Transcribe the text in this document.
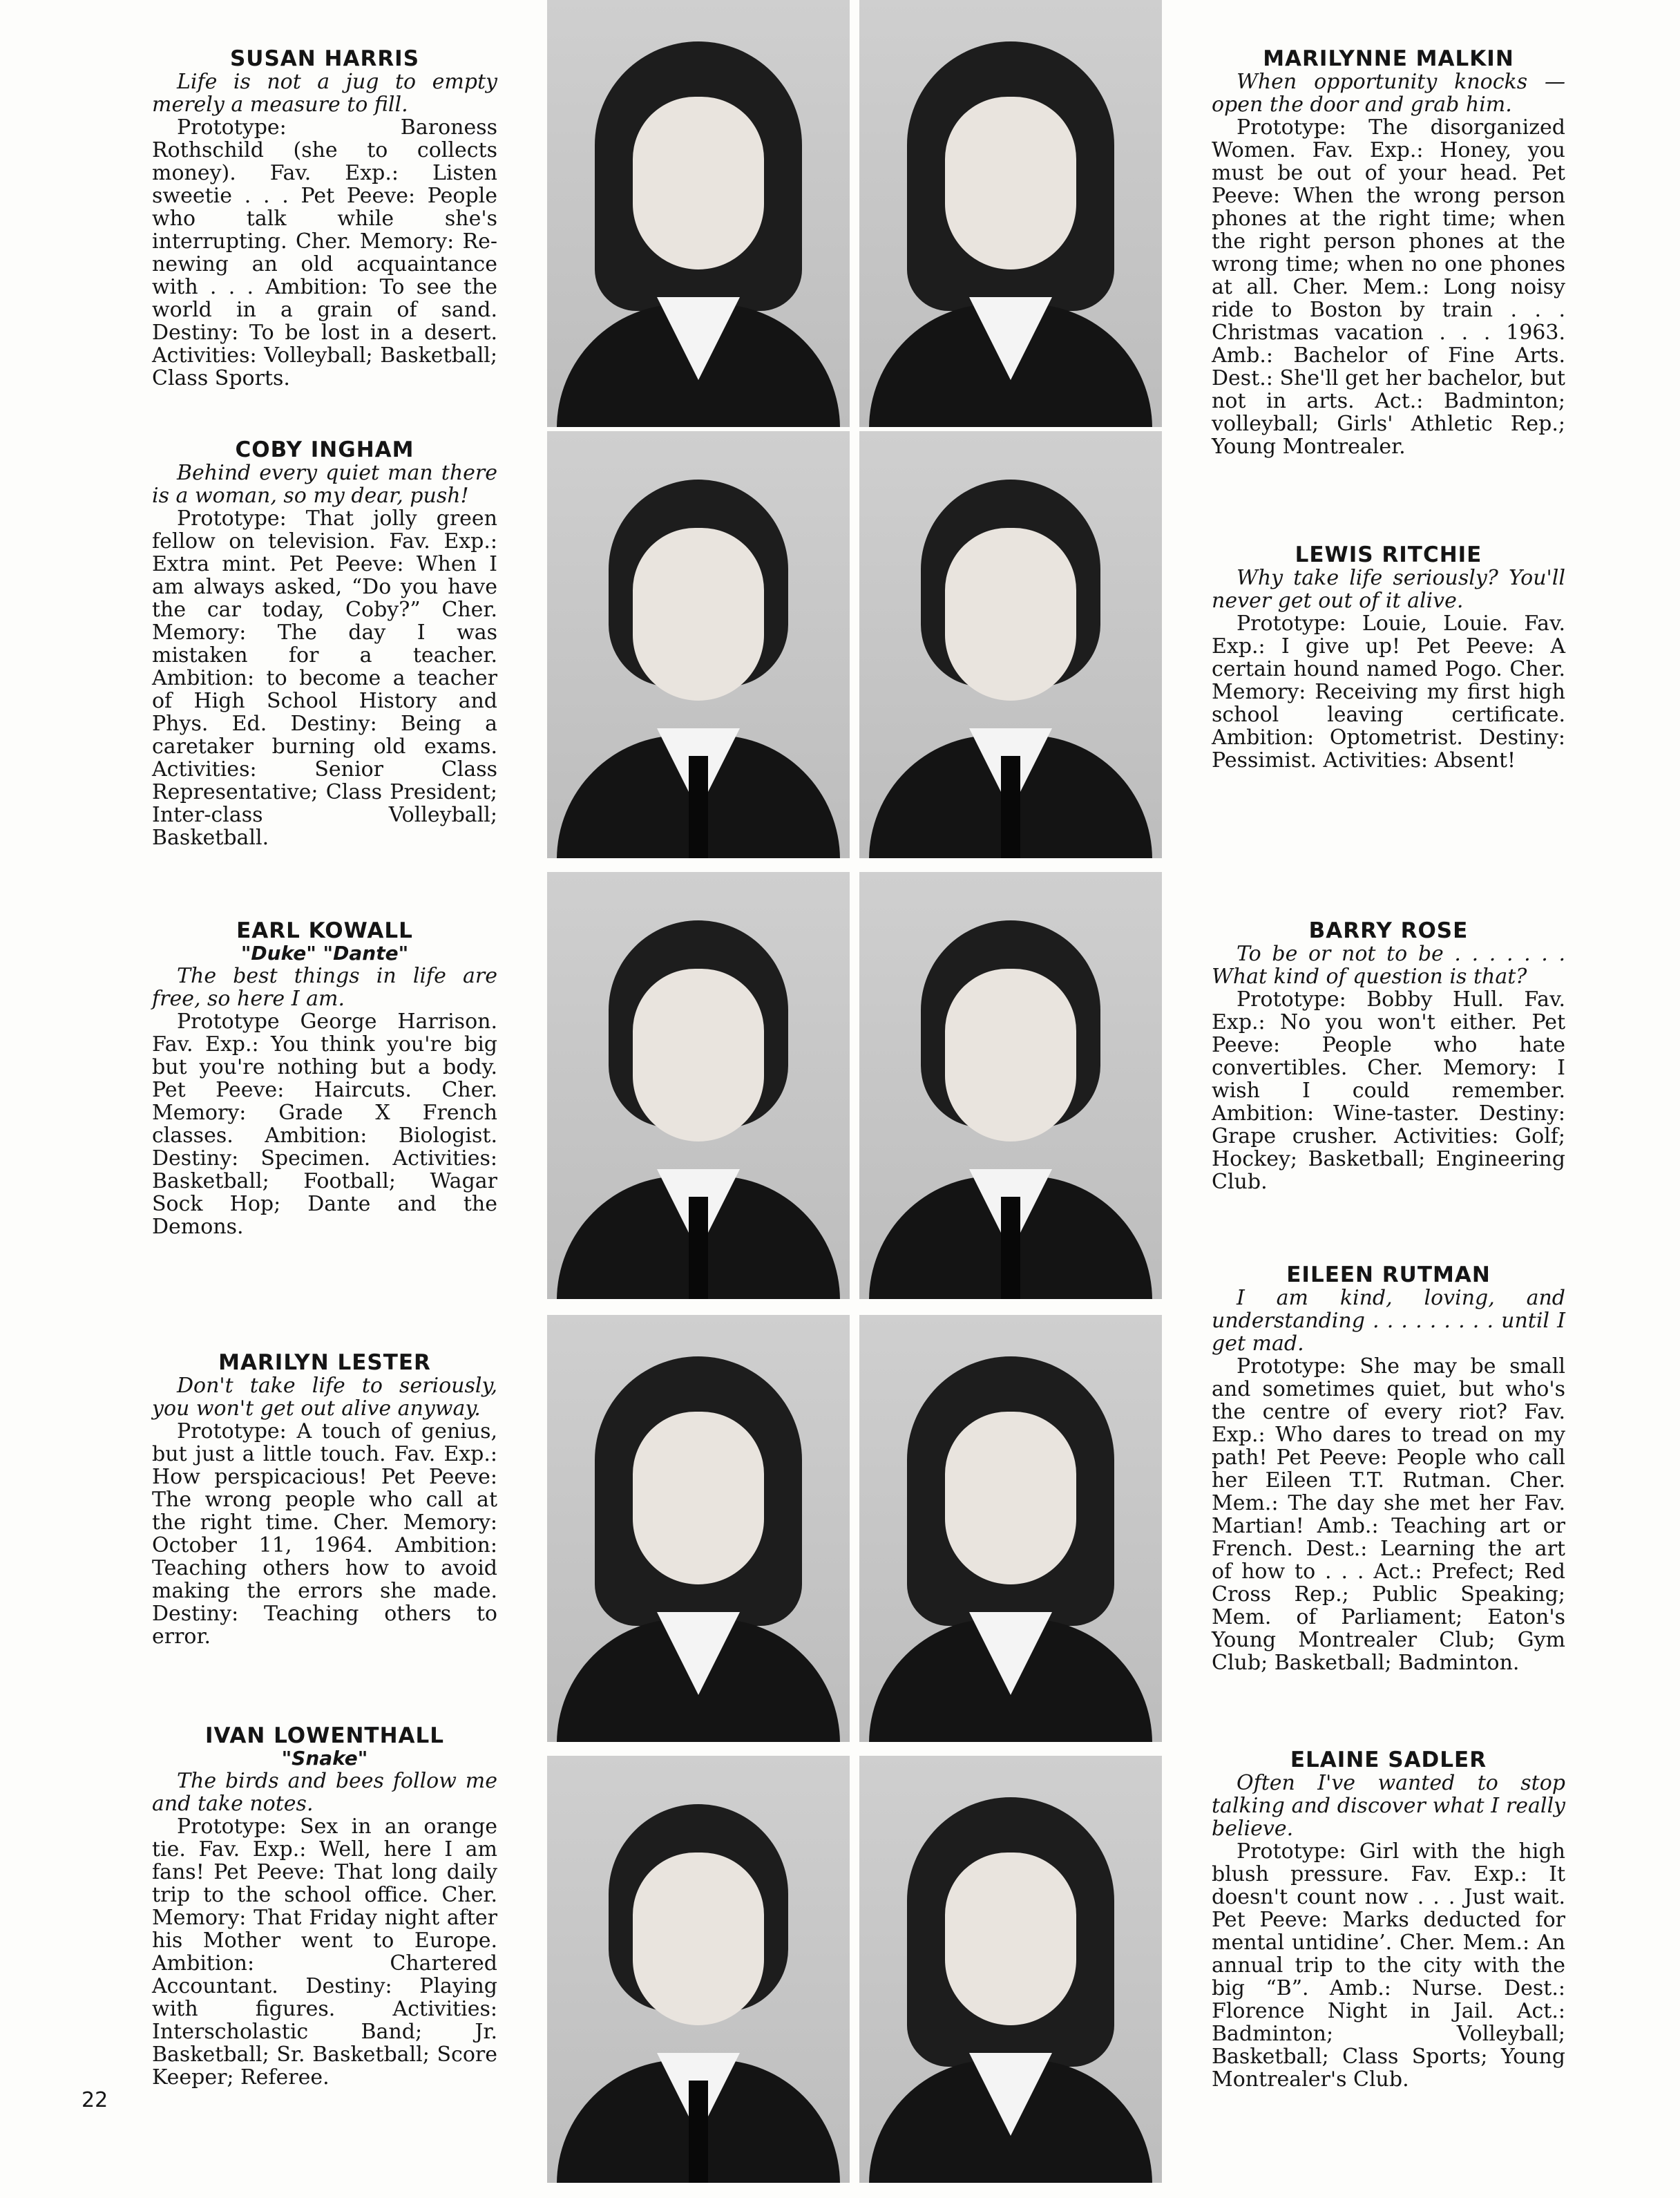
SUSAN HARRIS
Life is not a jug to empty merely a measure to fill.
Prototype: Baroness Rothschild (she to collects money). Fav. Exp.: Listen sweetie . . . Pet Peeve: People who talk while she's interrupting. Cher. Memory: Re-newing an old acquaintance with . . . Ambition: To see the world in a grain of sand. Destiny: To be lost in a desert. Activities: Volleyball; Basketball; Class Sports.
COBY INGHAM
Behind every quiet man there is a woman, so my dear, push!
Prototype: That jolly green fellow on television. Fav. Exp.: Extra mint. Pet Peeve: When I am always asked, “Do you have the car today, Coby?” Cher. Memory: The day I was mistaken for a teacher. Ambition: to become a teacher of High School History and Phys. Ed. Destiny: Being a caretaker burning old exams. Activities: Senior Class Representative; Class President; Inter-class Volleyball; Basketball.
EARL KOWALL
"Duke" "Dante"
The best things in life are free, so here I am.
Prototype George Harrison. Fav. Exp.: You think you're big but you're nothing but a body. Pet Peeve: Haircuts. Cher. Memory: Grade X French classes. Ambition: Biologist. Destiny: Specimen. Activities: Basketball; Football; Wagar Sock Hop; Dante and the Demons.
MARILYN LESTER
Don't take life to seriously, you won't get out alive anyway.
Prototype: A touch of genius, but just a little touch. Fav. Exp.: How perspicacious! Pet Peeve: The wrong people who call at the right time. Cher. Memory: October 11, 1964. Ambition: Teaching others how to avoid making the errors she made. Destiny: Teaching others to error.
IVAN LOWENTHALL
"Snake"
The birds and bees follow me and take notes.
Prototype: Sex in an orange tie. Fav. Exp.: Well, here I am fans! Pet Peeve: That long daily trip to the school office. Cher. Memory: That Friday night after his Mother went to Europe. Ambition: Chartered Accountant. Destiny: Playing with figures. Activities: Interscholastic Band; Jr. Basketball; Sr. Basketball; Score Keeper; Referee.
22
MARILYNNE MALKIN
When opportunity knocks — open the door and grab him.
Prototype: The disorganized Women. Fav. Exp.: Honey, you must be out of your head. Pet Peeve: When the wrong person phones at the right time; when the right person phones at the wrong time; when no one phones at all. Cher. Mem.: Long noisy ride to Boston by train . . . Christmas vacation . . . 1963. Amb.: Bachelor of Fine Arts. Dest.: She'll get her bachelor, but not in arts. Act.: Badminton; volleyball; Girls' Athletic Rep.; Young Montrealer.
LEWIS RITCHIE
Why take life seriously? You'll never get out of it alive.
Prototype: Louie, Louie. Fav. Exp.: I give up! Pet Peeve: A certain hound named Pogo. Cher. Memory: Receiving my first high school leaving certificate. Ambition: Optometrist. Destiny: Pessimist. Activities: Absent!
BARRY ROSE
To be or not to be . . . . . . . What kind of question is that?
Prototype: Bobby Hull. Fav. Exp.: No you won't either. Pet Peeve: People who hate convertibles. Cher. Memory: I wish I could remember. Ambition: Wine-taster. Destiny: Grape crusher. Activities: Golf; Hockey; Basketball; Engineering Club.
EILEEN RUTMAN
I am kind, loving, and understanding . . . . . . . . . until I get mad.
Prototype: She may be small and sometimes quiet, but who's the centre of every riot? Fav. Exp.: Who dares to tread on my path! Pet Peeve: People who call her Eileen T.T. Rutman. Cher. Mem.: The day she met her Fav. Martian! Amb.: Teaching art or French. Dest.: Learning the art of how to . . . Act.: Prefect; Red Cross Rep.; Public Speaking; Mem. of Parliament; Eaton's Young Montrealer Club; Gym Club; Basketball; Badminton.
ELAINE SADLER
Often I've wanted to stop talking and discover what I really believe.
Prototype: Girl with the high blush pressure. Fav. Exp.: It doesn't count now . . . Just wait. Pet Peeve: Marks deducted for mental untidine’. Cher. Mem.: An annual trip to the city with the big “B”. Amb.: Nurse. Dest.: Florence Night in Jail. Act.: Badminton; Volleyball; Basketball; Class Sports; Young Montrealer's Club.
